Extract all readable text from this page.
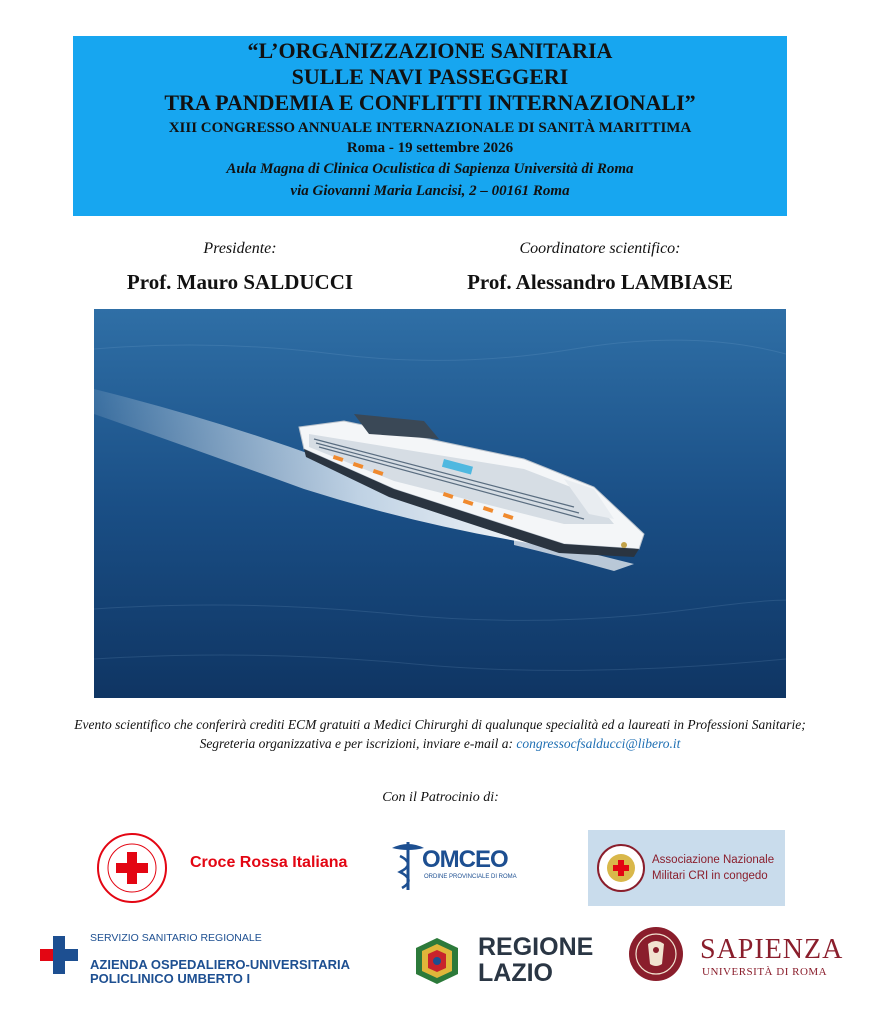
“L’ORGANIZZAZIONE SANITARIA
SULLE NAVI PASSEGGERI
TRA PANDEMIA E CONFLITTI INTERNAZIONALI”
XIII CONGRESSO ANNUALE INTERNAZIONALE DI SANITÀ MARITTIMA
Roma - 19 settembre 2026
Aula Magna di Clinica Oculistica di Sapienza Università di Roma
via Giovanni Maria Lancisi, 2 – 00161 Roma
Presidente:	Coordinatore scientifico:
Prof. Mauro SALDUCCI	Prof. Alessandro LAMBIASE
Evento scientifico che conferirà crediti ECM gratuiti a Medici Chirurghi di qualunque specialità ed a laureati in Professioni Sanitarie; Segreteria organizzativa e per iscrizioni, inviare e-mail a: congressocfsalducci@libero.it
Con il Patrocinio di:
Croce Rossa Italiana	OMCEO
ORDINE PROVINCIALE DI ROMA
Associazione Nazionale
Militari CRI in congedo
SERVIZIO SANITARIO REGIONALE
AZIENDA OSPEDALIERO-UNIVERSITARIA
POLICLINICO UMBERTO I
REGIONE
LAZIO
SAPIENZA
UNIVERSITÀ DI ROMA
